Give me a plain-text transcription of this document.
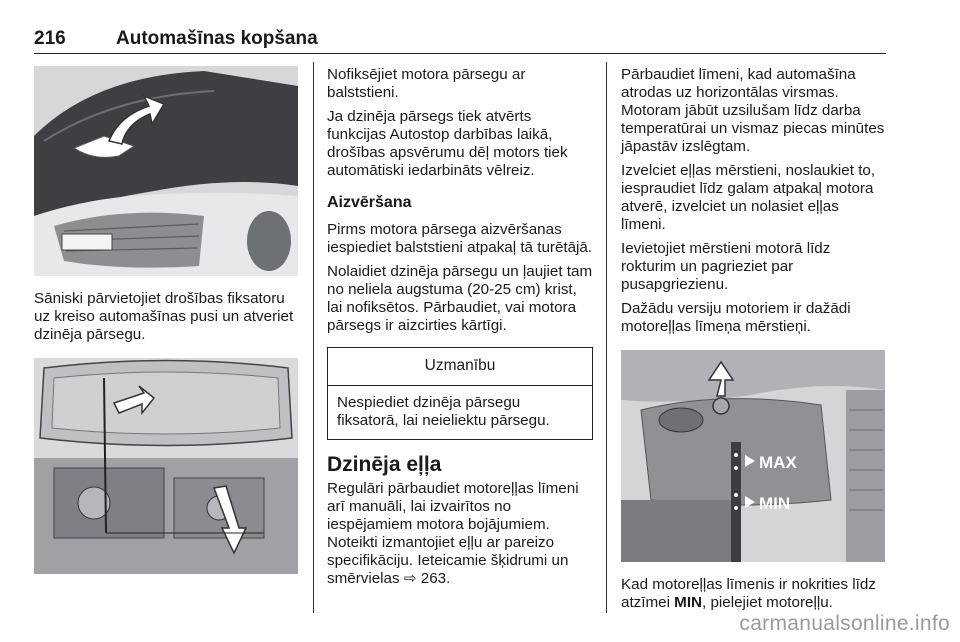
216	Automašīnas kopšana

Sāniski pārvietojiet drošības fiksatoru uz kreiso automašīnas pusi un atveriet dzinēja pārsegu.

Nofiksējiet motora pārsegu ar balststieni.

Ja dzinēja pārsegs tiek atvērts funkcijas Autostop darbības laikā, drošības apsvērumu dēļ motors tiek automātiski iedarbināts vēlreiz.

Aizvēršana

Pirms motora pārsega aizvēršanas iespiediet balststieni atpakaļ tā turētājā.

Nolaidiet dzinēja pārsegu un ļaujiet tam no neliela augstuma (20-25 cm) krist, lai nofiksētos. Pārbaudiet, vai motora pārsegs ir aizcirties kārtīgi.

Uzmanību
Nespiediet dzinēja pārsegu fiksatorā, lai neieliektu pārsegu.
Dzinēja eļļa

Regulāri pārbaudiet motoreļļas līmeni arī manuāli, lai izvairītos no iespējamiem motora bojājumiem. Noteikti izmantojiet eļļu ar pareizo specifikāciju. Ieteicamie šķidrumi un smērvielas ⇨ 263.

Pārbaudiet līmeni, kad automašīna atrodas uz horizontālas virsmas. Motoram jābūt uzsilušam līdz darba temperatūrai un vismaz piecas minūtes jāpastāv izslēgtam.

Izvelciet eļļas mērstieni, noslaukiet to, iespraudiet līdz galam atpakaļ motora atverē, izvelciet un nolasiet eļļas līmeni.

Ievietojiet mērstieni motorā līdz rokturim un pagrieziet par pusapgriezienu.

Dažādu versiju motoriem ir dažādi motoreļļas līmeņa mērstieņi.

MAX
MIN

Kad motoreļļas līmenis ir nokrities līdz atzīmei MIN, pielejiet motoreļļu.

carmanualsonline.info
